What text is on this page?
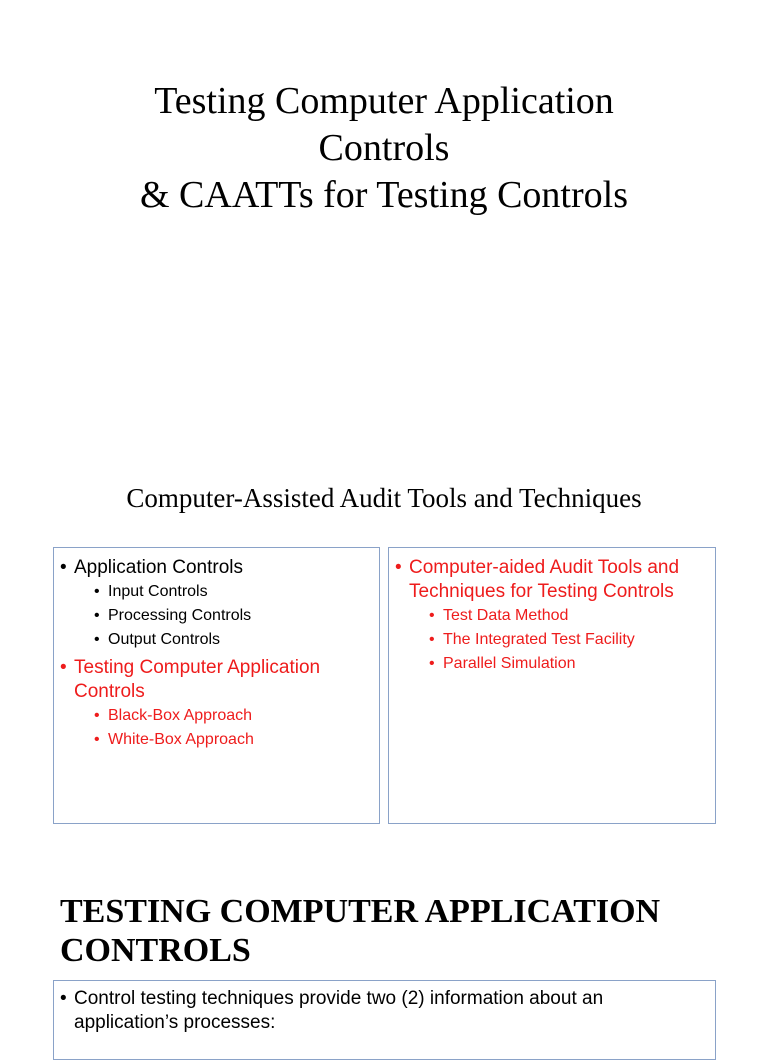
Testing Computer Application
Controls
& CAATTs for Testing Controls
Computer-Assisted Audit Tools and Techniques
• Application Controls
• Input Controls
• Processing Controls
• Output Controls
• Testing Computer Application Controls
• Black-Box Approach
• White-Box Approach
• Computer-aided Audit Tools and Techniques for Testing Controls
• Test Data Method
• The Integrated Test Facility
• Parallel Simulation
TESTING COMPUTER APPLICATION CONTROLS
• Control testing techniques provide two (2) information about an application’s processes:
